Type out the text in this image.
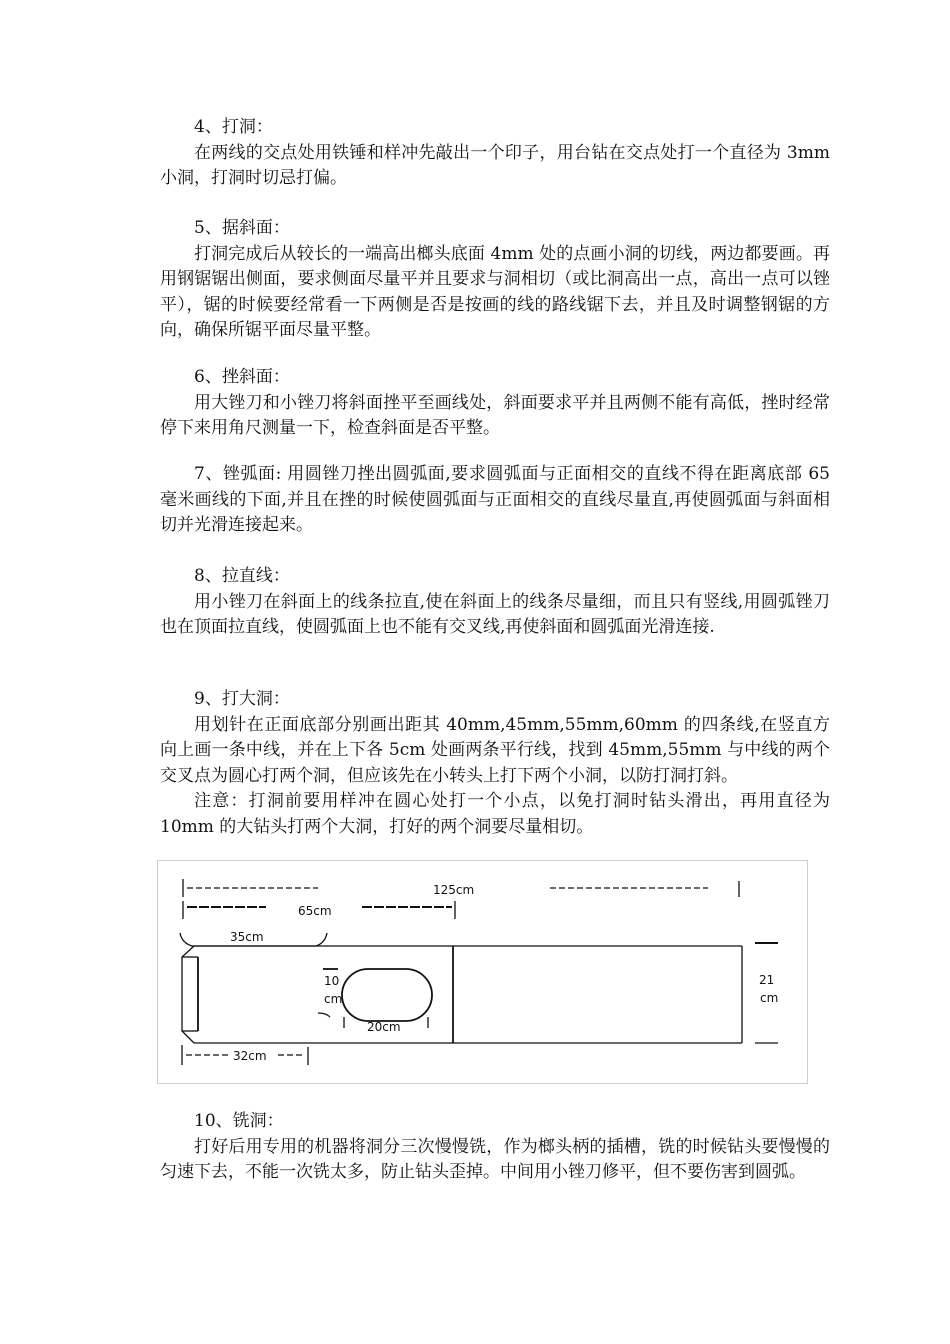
4、打洞：

在两线的交点处用铁锤和样冲先敲出一个印子，用台钻在交点处打一个直径为 3mm 小洞，打洞时切忌打偏。

5、据斜面：

打洞完成后从较长的一端高出榔头底面 4mm 处的点画小洞的切线，两边都要画。再用钢锯锯出侧面，要求侧面尽量平并且要求与洞相切（或比洞高出一点，高出一点可以锉平），锯的时候要经常看一下两侧是否是按画的线的路线锯下去，并且及时调整钢锯的方向，确保所锯平面尽量平整。

6、挫斜面：

用大锉刀和小锉刀将斜面挫平至画线处，斜面要求平并且两侧不能有高低，挫时经常停下来用角尺测量一下，检查斜面是否平整。

7、锉弧面: 用圆锉刀挫出圆弧面,要求圆弧面与正面相交的直线不得在距离底部 65 毫米画线的下面,并且在挫的时候使圆弧面与正面相交的直线尽量直,再使圆弧面与斜面相切并光滑连接起来。

8、拉直线：

用小锉刀在斜面上的线条拉直,使在斜面上的线条尽量细，而且只有竖线,用圆弧锉刀也在顶面拉直线，使圆弧面上也不能有交叉线,再使斜面和圆弧面光滑连接.

9、打大洞：

用划针在正面底部分别画出距其 40mm,45mm,55mm,60mm 的四条线,在竖直方向上画一条中线，并在上下各 5cm 处画两条平行线，找到 45mm,55mm 与中线的两个交叉点为圆心打两个洞，但应该先在小转头上打下两个小洞，以防打洞打斜。

注意：打洞前要用样冲在圆心处打一个小点，以免打洞时钻头滑出，再用直径为 10mm 的大钻头打两个大洞，打好的两个洞要尽量相切。

125cm
65cm
35cm
10
cm
20cm
21
cm
32cm

10、铣洞：

打好后用专用的机器将洞分三次慢慢铣，作为榔头柄的插槽，铣的时候钻头要慢慢的匀速下去，不能一次铣太多，防止钻头歪掉。中间用小锉刀修平，但不要伤害到圆弧。
